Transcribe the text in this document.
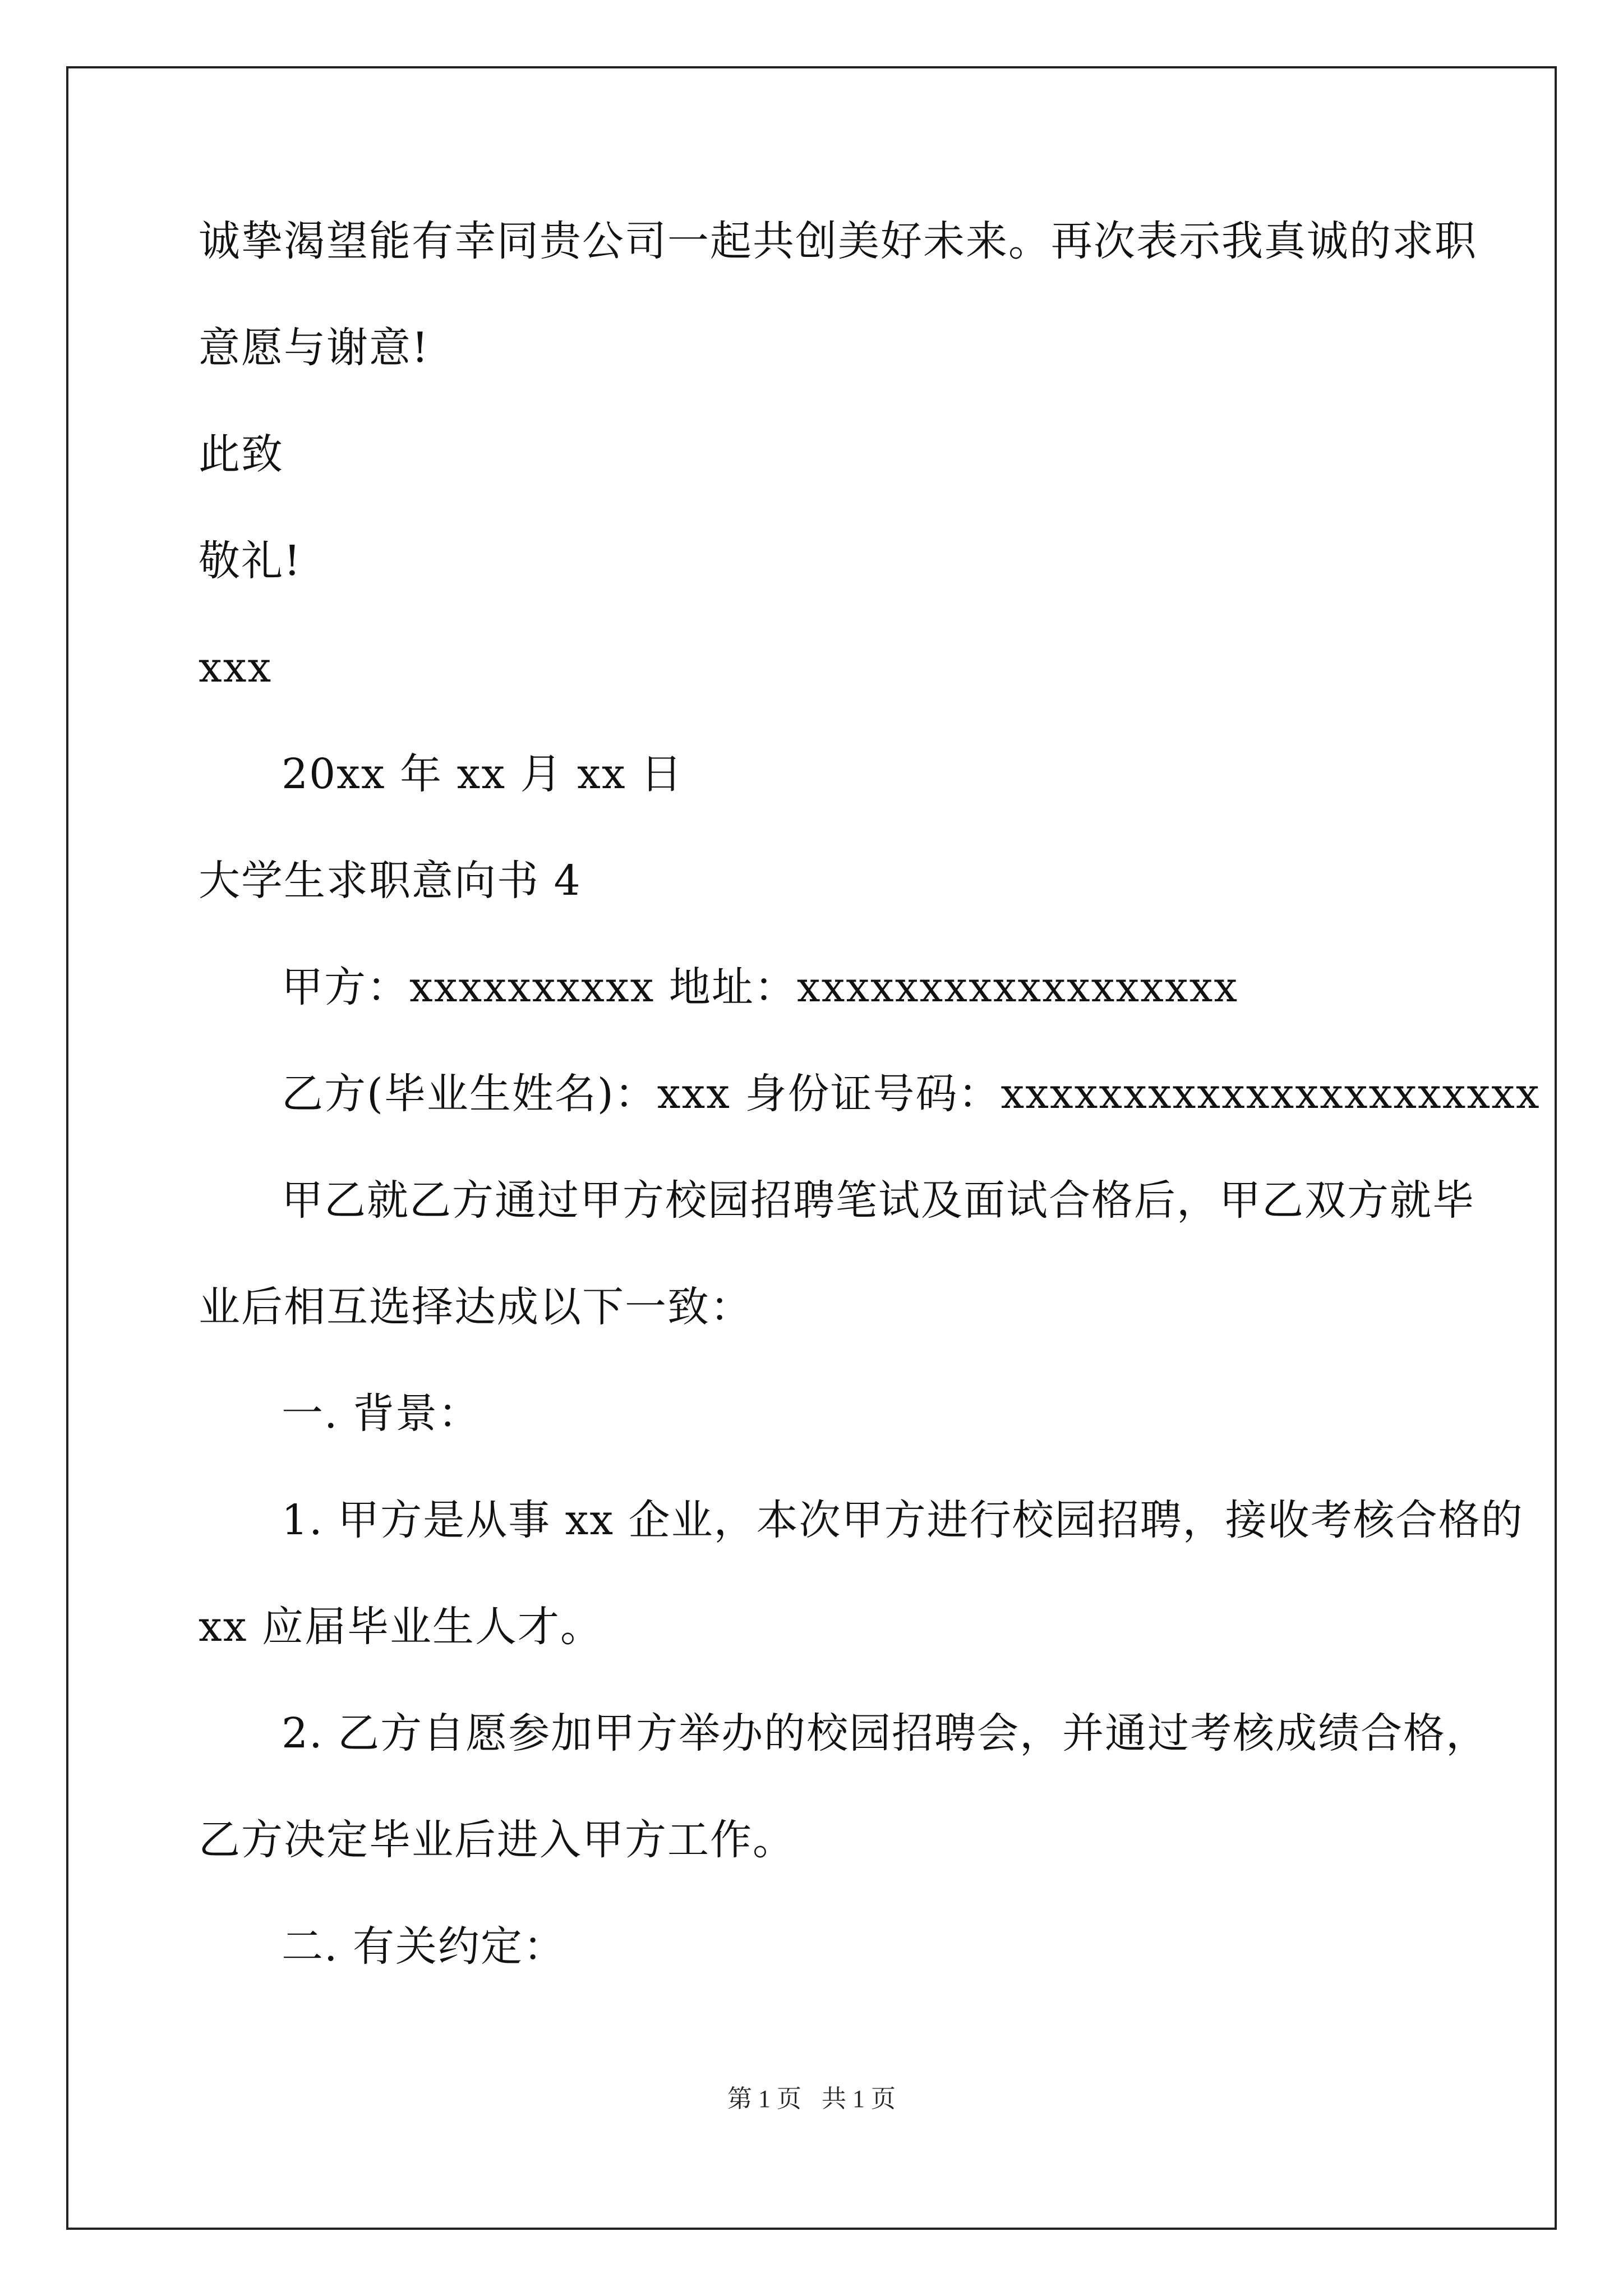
诚挚渴望能有幸同贵公司一起共创美好未来。再次表示我真诚的求职
意愿与谢意!
此致
敬礼!
xxx
20xx 年 xx 月 xx 日
大学生求职意向书 4
甲方：xxxxxxxxxx 地址：xxxxxxxxxxxxxxxxxx
乙方(毕业生姓名)：xxx 身份证号码：xxxxxxxxxxxxxxxxxxxxxx
甲乙就乙方通过甲方校园招聘笔试及面试合格后，甲乙双方就毕
业后相互选择达成以下一致：
一. 背景：
1. 甲方是从事 xx 企业，本次甲方进行校园招聘，接收考核合格的
xx 应届毕业生人才。
2. 乙方自愿参加甲方举办的校园招聘会，并通过考核成绩合格，
乙方决定毕业后进入甲方工作。
二. 有关约定：
第 1 页 共 1 页
